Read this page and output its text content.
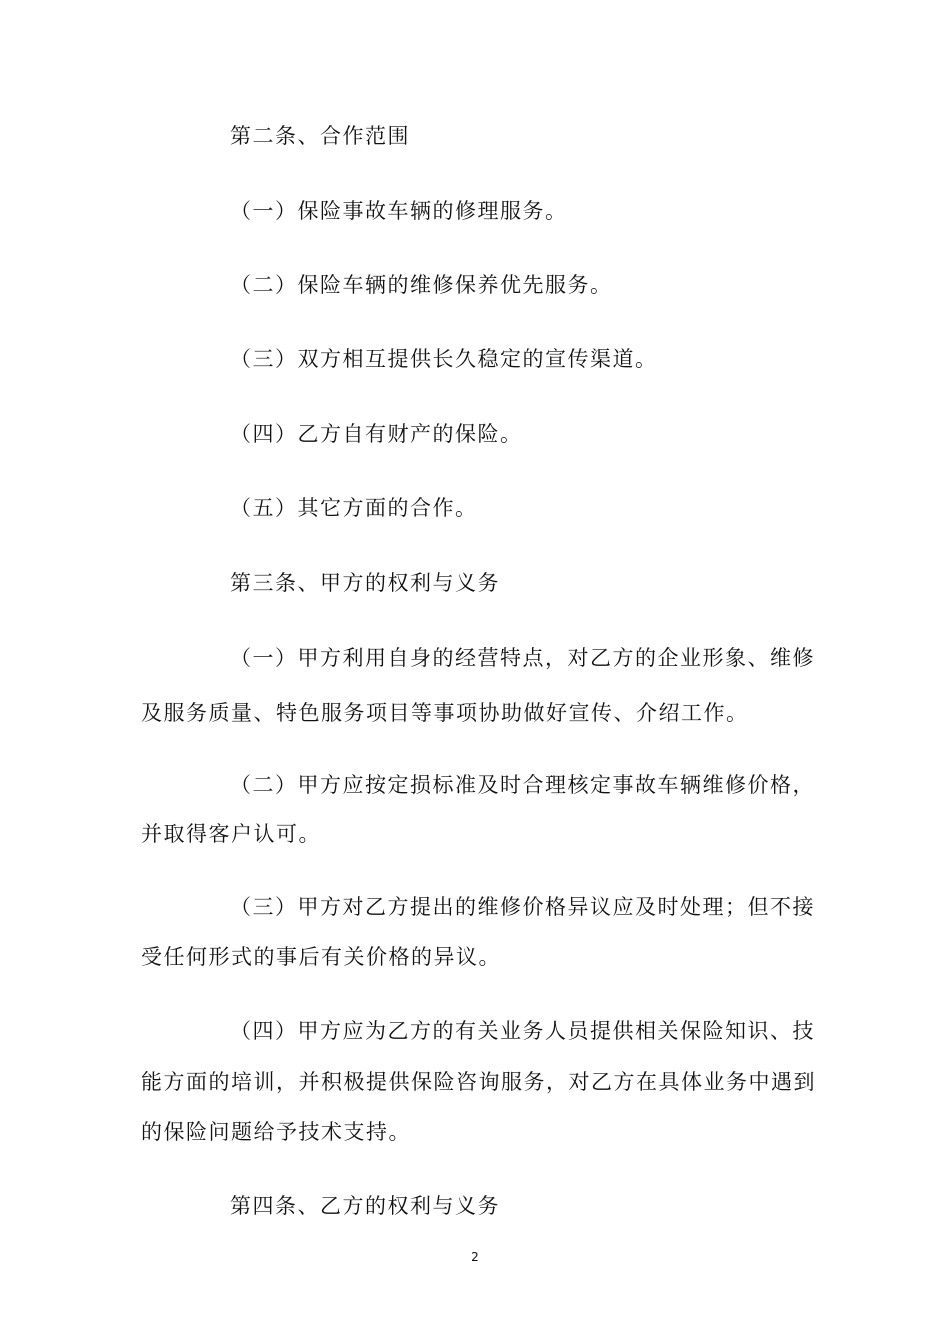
第二条、合作范围
（一）保险事故车辆的修理服务。
（二）保险车辆的维修保养优先服务。
（三）双方相互提供长久稳定的宣传渠道。
（四）乙方自有财产的保险。
（五）其它方面的合作。
第三条、甲方的权利与义务
（一）甲方利用自身的经营特点，对乙方的企业形象、维修
及服务质量、特色服务项目等事项协助做好宣传、介绍工作。
（二）甲方应按定损标准及时合理核定事故车辆维修价格，
并取得客户认可。
（三）甲方对乙方提出的维修价格异议应及时处理；但不接
受任何形式的事后有关价格的异议。
（四）甲方应为乙方的有关业务人员提供相关保险知识、技
能方面的培训，并积极提供保险咨询服务，对乙方在具体业务中遇到
的保险问题给予技术支持。
第四条、乙方的权利与义务
2
